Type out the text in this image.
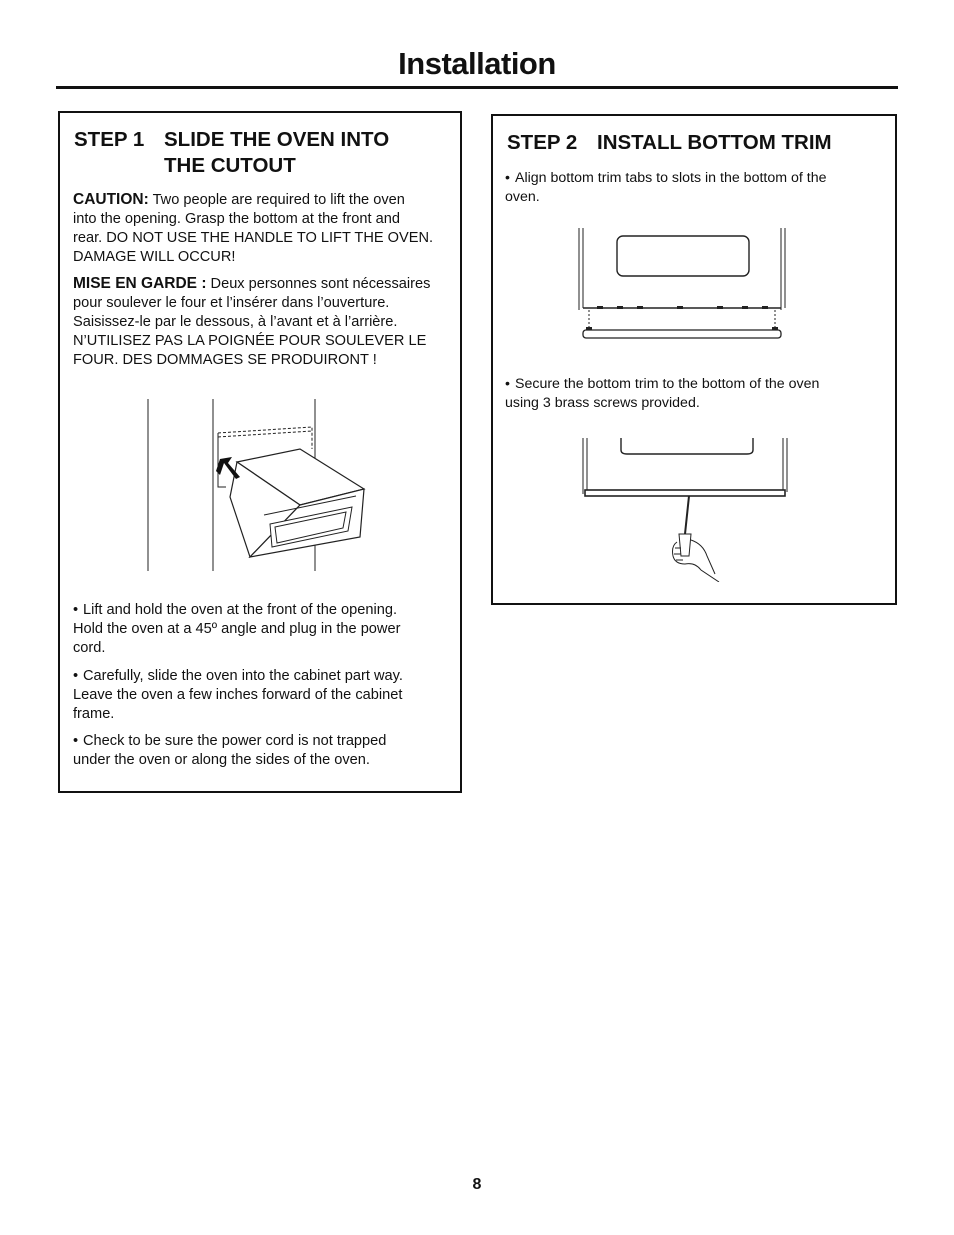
Installation
STEP 1 SLIDE THE OVEN INTO
THE CUTOUT
CAUTION: Two people are required to lift the oven
into the opening. Grasp the bottom at the front and
rear. DO NOT USE THE HANDLE TO LIFT THE OVEN.
DAMAGE WILL OCCUR!
MISE EN GARDE : Deux personnes sont nécessaires
pour soulever le four et l’insérer dans l’ouverture.
Saisissez-le par le dessous, à l’avant et à l’arrière.
N’UTILISEZ PAS LA POIGNÉE POUR SOULEVER LE
FOUR. DES DOMMAGES SE PRODUIRONT !
• Lift and hold the oven at the front of the opening.
Hold the oven at a 45º angle and plug in the power
cord.
• Carefully, slide the oven into the cabinet part way.
Leave the oven a few inches forward of the cabinet
frame.
• Check to be sure the power cord is not trapped
under the oven or along the sides of the oven.
STEP 2 INSTALL BOTTOM TRIM
• Align bottom trim tabs to slots in the bottom of the
oven.
• Secure the bottom trim to the bottom of the oven
using 3 brass screws provided.
8
